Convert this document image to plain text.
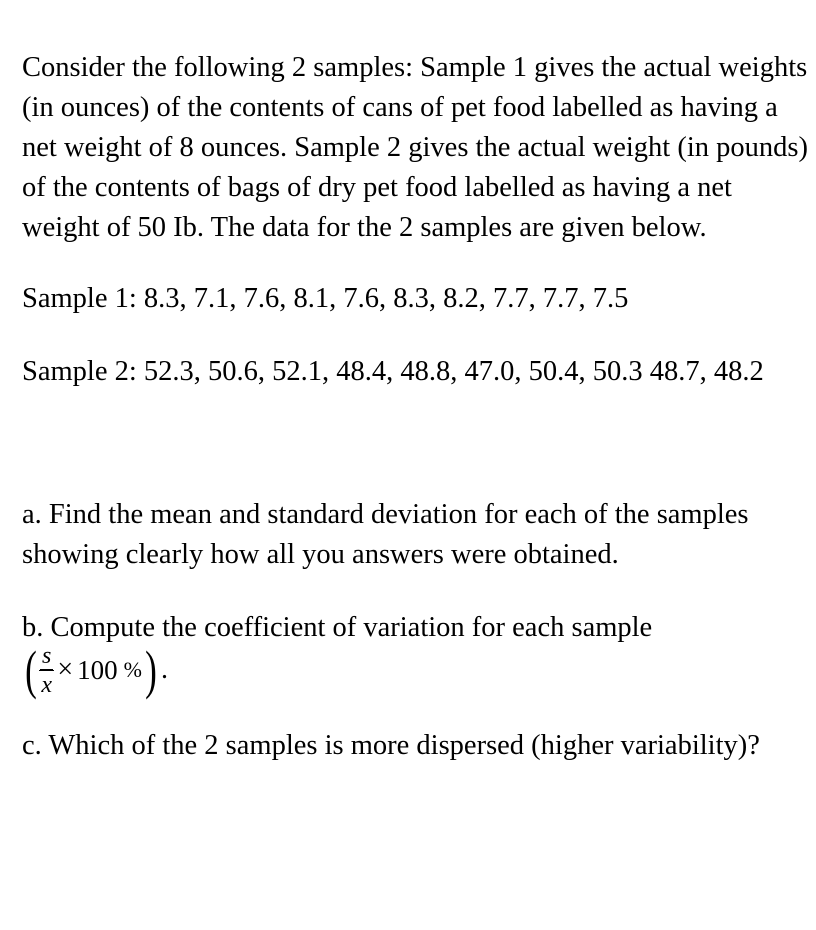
Consider the following 2 samples: Sample 1 gives the actual weights (in ounces) of the contents of cans of pet food labelled as having a net weight of 8 ounces. Sample 2 gives the actual weight (in pounds) of the contents of bags of dry pet food labelled as having a net weight of 50 Ib. The data for the 2 samples are given below.

Sample 1: 8.3, 7.1, 7.6, 8.1, 7.6, 8.3, 8.2, 7.7, 7.7, 7.5

Sample 2: 52.3, 50.6, 52.1, 48.4, 48.8, 47.0, 50.4, 50.3 48.7, 48.2

a. Find the mean and standard deviation for each of the samples showing clearly how all you answers were obtained.

b. Compute the coefficient of variation for each sample

( $\frac{s}{x} \times 100$ % ) .

c. Which of the 2 samples is more dispersed (higher variability)?
